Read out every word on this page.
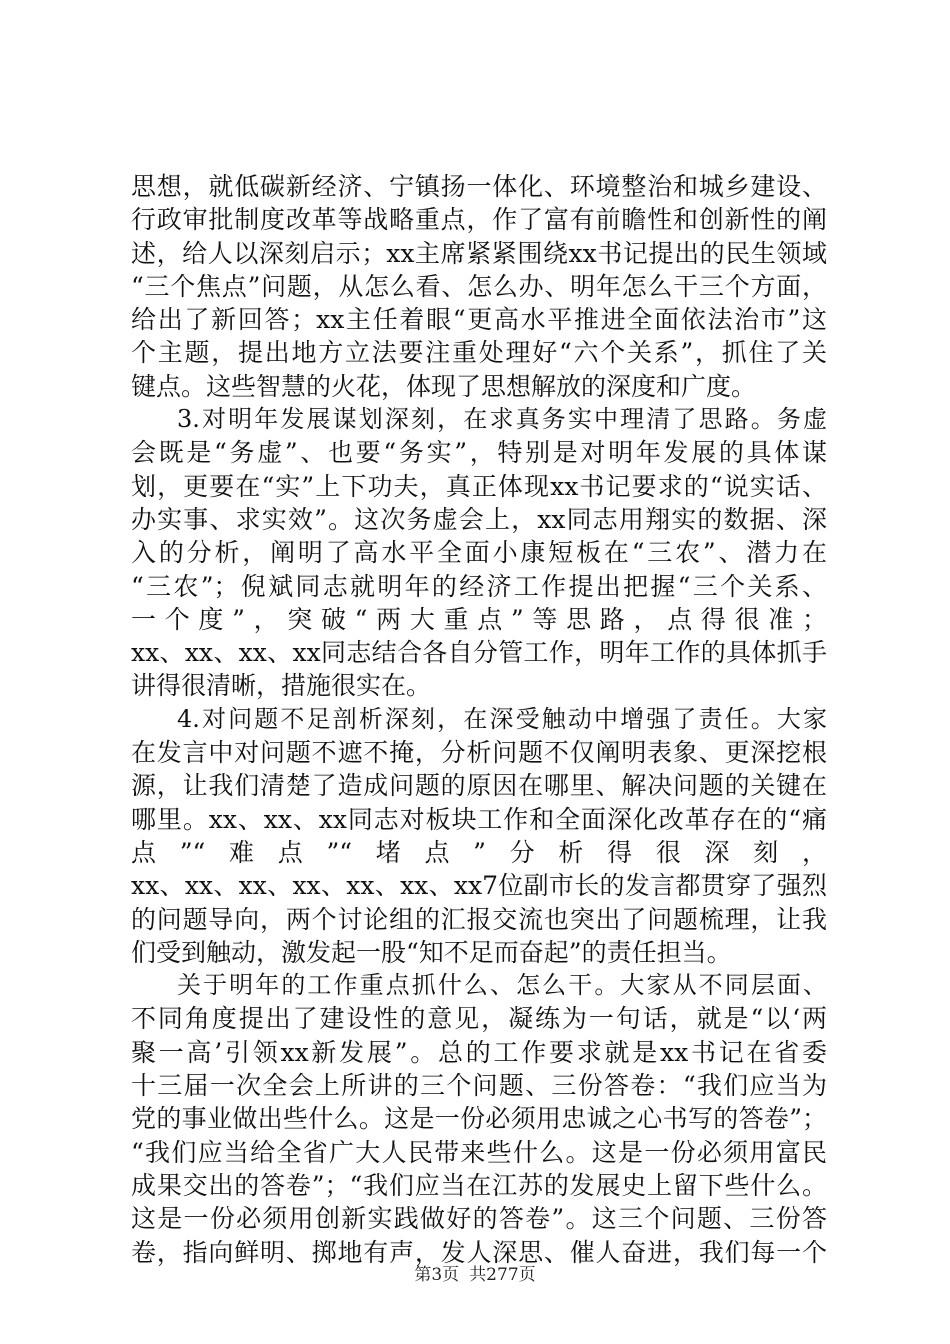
思想，就低碳新经济、宁镇扬一体化、环境整治和城乡建设、
行政审批制度改革等战略重点，作了富有前瞻性和创新性的阐
述，给人以深刻启示；xx主席紧紧围绕xx书记提出的民生领域
“三个焦点”问题，从怎么看、怎么办、明年怎么干三个方面，
给出了新回答；xx主任着眼“更高水平推进全面依法治市”这
个主题，提出地方立法要注重处理好“六个关系”，抓住了关
键点。这些智慧的火花，体现了思想解放的深度和广度。
3.对明年发展谋划深刻，在求真务实中理清了思路。务虚
会既是“务虚”、也要“务实”，特别是对明年发展的具体谋
划，更要在“实”上下功夫，真正体现xx书记要求的“说实话、
办实事、求实效”。这次务虚会上，xx同志用翔实的数据、深
入的分析，阐明了高水平全面小康短板在“三农”、潜力在
“三农”；倪斌同志就明年的经济工作提出把握“三个关系、
一个度”，突破“两大重点”等思路，点得很准；
xx、xx、xx、xx同志结合各自分管工作，明年工作的具体抓手
讲得很清晰，措施很实在。
4.对问题不足剖析深刻，在深受触动中增强了责任。大家
在发言中对问题不遮不掩，分析问题不仅阐明表象、更深挖根
源，让我们清楚了造成问题的原因在哪里、解决问题的关键在
哪里。xx、xx、xx同志对板块工作和全面深化改革存在的“痛
点”“难点”“堵点”分析得很深刻，
xx、xx、xx、xx、xx、xx、xx7位副市长的发言都贯穿了强烈
的问题导向，两个讨论组的汇报交流也突出了问题梳理，让我
们受到触动，激发起一股“知不足而奋起”的责任担当。
关于明年的工作重点抓什么、怎么干。大家从不同层面、
不同角度提出了建设性的意见，凝练为一句话，就是“以‘两
聚一高’引领xx新发展”。总的工作要求就是xx书记在省委
十三届一次全会上所讲的三个问题、三份答卷：“我们应当为
党的事业做出些什么。这是一份必须用忠诚之心书写的答卷”；
“我们应当给全省广大人民带来些什么。这是一份必须用富民
成果交出的答卷”；“我们应当在江苏的发展史上留下些什么。
这是一份必须用创新实践做好的答卷”。这三个问题、三份答
卷，指向鲜明、掷地有声，发人深思、催人奋进，我们每一个
第3页 共277页
